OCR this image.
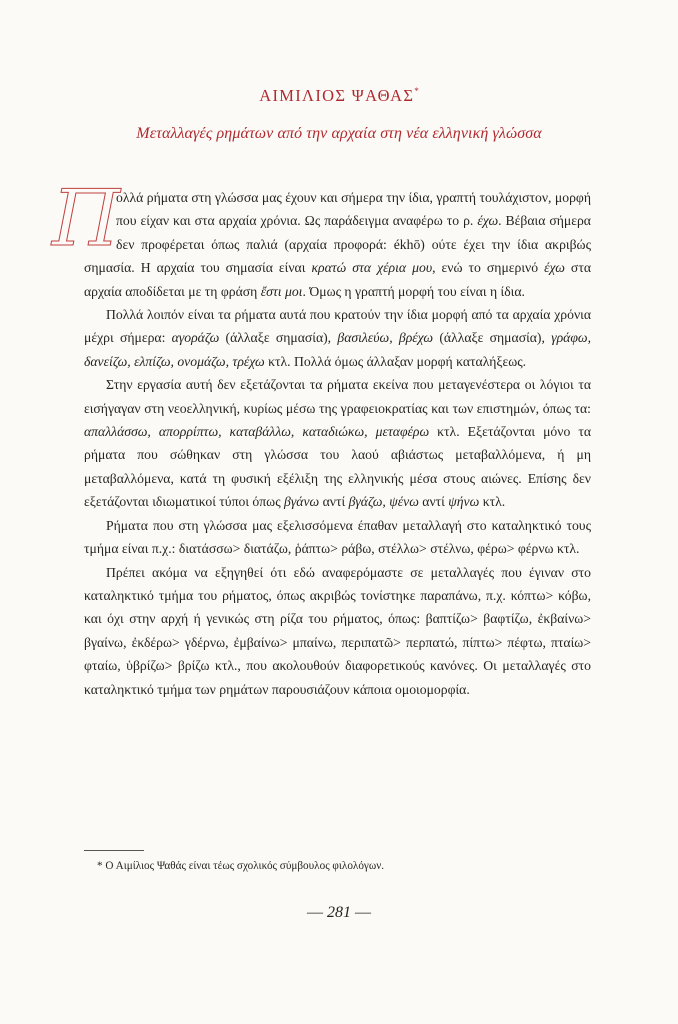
ΑΙΜΙΛΙΟΣ ΨΑΘΑΣ*
Μεταλλαγές ρημάτων από την αρχαία στη νέα ελληνική γλώσσα

Π
ολλά ρήματα στη γλώσσα μας έχουν και σήμερα την ίδια, γραπτή τουλάχιστον, μορφή που είχαν και στα αρχαία χρόνια. Ως παράδειγμα αναφέρω το ρ. έχω. Βέβαια σήμερα δεν προφέρεται όπως παλιά (αρχαία προφορά: ékhō) ούτε έχει την ίδια ακριβώς σημασία. Η αρχαία του σημασία είναι κρατώ στα χέρια μου, ενώ το σημερινό έχω στα αρχαία αποδίδεται με τη φράση ἔστι μοι. Όμως η γραπτή μορφή του είναι η ίδια.

Πολλά λοιπόν είναι τα ρήματα αυτά που κρατούν την ίδια μορφή από τα αρχαία χρόνια μέχρι σήμερα: αγοράζω (άλλαξε σημασία), βασιλεύω, βρέχω (άλλαξε σημασία), γράφω, δανείζω, ελπίζω, ονομάζω, τρέχω κτλ. Πολλά όμως άλλαξαν μορφή καταλήξεως.

Στην εργασία αυτή δεν εξετάζονται τα ρήματα εκείνα που μεταγενέστερα οι λόγιοι τα εισήγαγαν στη νεοελληνική, κυρίως μέσω της γραφειοκρατίας και των επιστημών, όπως τα: απαλλάσσω, απορρίπτω, καταβάλλω, καταδιώκω, μεταφέρω κτλ. Εξετάζονται μόνο τα ρήματα που σώθηκαν στη γλώσσα του λαού αβιάστως μεταβαλλόμενα, ή μη μεταβαλλόμενα, κατά τη φυσική εξέλιξη της ελληνικής μέσα στους αιώνες. Επίσης δεν εξετάζονται ιδιωματικοί τύποι όπως βγάνω αντί βγάζω, ψένω αντί ψήνω κτλ.

Ρήματα που στη γλώσσα μας εξελισσόμενα έπαθαν μεταλλαγή στο καταληκτικό τους τμήμα είναι π.χ.: διατάσσω> διατάζω, ῥάπτω> ράβω, στέλλω> στέλνω, φέρω> φέρνω κτλ.

Πρέπει ακόμα να εξηγηθεί ότι εδώ αναφερόμαστε σε μεταλλαγές που έγιναν στο καταληκτικό τμήμα του ρήματος, όπως ακριβώς τονίστηκε παραπάνω, π.χ. κόπτω> κόβω, και όχι στην αρχή ή γενικώς στη ρίζα του ρήματος, όπως: βαπτίζω> βαφτίζω, ἐκβαίνω> βγαίνω, ἐκδέρω> γδέρνω, ἐμβαίνω> μπαίνω, περιπατῶ> περπατώ, πίπτω> πέφτω, πταίω> φταίω, ὑβρίζω> βρίζω κτλ., που ακολουθούν διαφορετικούς κανόνες. Οι μεταλλαγές στο καταληκτικό τμήμα των ρημάτων παρουσιάζουν κάποια ομοιομορφία.

* Ο Αιμίλιος Ψαθάς είναι τέως σχολικός σύμβουλος φιλολόγων.
— 281 —
